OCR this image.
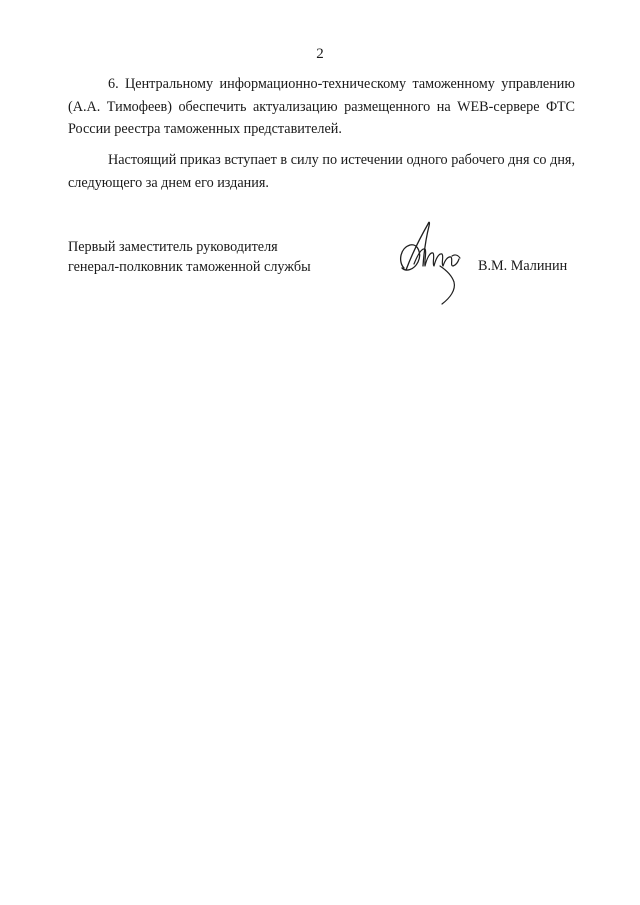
2

6. Центральному информационно-техническому таможенному управлению (А.А. Тимофеев) обеспечить актуализацию размещенного на WEB-сервере ФТС России реестра таможенных представителей.

Настоящий приказ вступает в силу по истечении одного рабочего дня со дня, следующего за днем его издания.

Первый заместитель руководителя
генерал-полковник таможенной службы	В.М. Малинин
